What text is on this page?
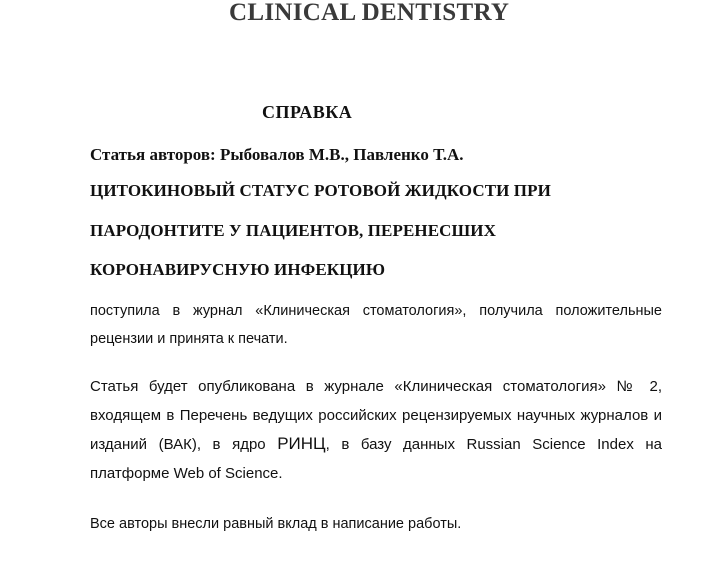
CLINICAL DENTISTRY
СПРАВКА
Статья авторов: Рыбовалов М.В., Павленко Т.А.
ЦИТОКИНОВЫЙ СТАТУС РОТОВОЙ ЖИДКОСТИ ПРИ
ПАРОДОНТИТЕ У ПАЦИЕНТОВ, ПЕРЕНЕСШИХ
КОРОНАВИРУСНУЮ ИНФЕКЦИЮ
поступила в журнал «Клиническая стоматология», получила положительные рецензии и принята к печати.
Статья будет опубликована в журнале «Клиническая стоматология» № 2, входящем в Перечень ведущих российских рецензируемых научных журналов и изданий (ВАК), в ядро РИНЦ, в базу данных Russian Science Index на платформе Web of Science.
Все авторы внесли равный вклад в написание работы.
